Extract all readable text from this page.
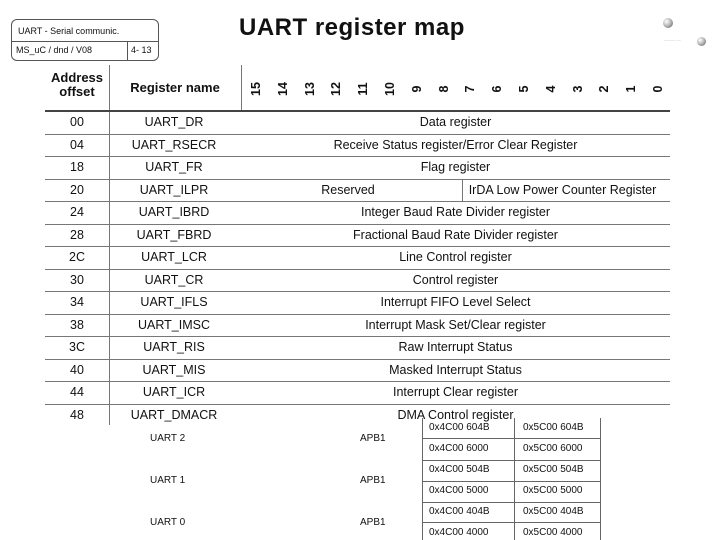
UART - Serial communic.
MS_uC / dnd / V08	4- 13
UART register map	.......... ....
Address
offset	Register name	15 14 13 12 11 10 9 8 7 6 5 4 3 2 1 0
00	UART_DR	Data register
04	UART_RSECR	Receive Status register/Error Clear Register
18	UART_FR	Flag register
20	UART_ILPR	Reserved	IrDA Low Power Counter Register
24	UART_IBRD	Integer Baud Rate Divider register
28	UART_FBRD	Fractional Baud Rate Divider register
2C	UART_LCR	Line Control register
30	UART_CR	Control register
34	UART_IFLS	Interrupt FIFO Level Select
38	UART_IMSC	Interrupt Mask Set/Clear register
3C	UART_RIS	Raw Interrupt Status
40	UART_MIS	Masked Interrupt Status
44	UART_ICR	Interrupt Clear register
48	UART_DMACR	DMA Control register
UART 2	APB1
0x4C00 604B	0x5C00 604B
0x4C00 6000	0x5C00 6000
UART 1	APB1
0x4C00 504B	0x5C00 504B
0x4C00 5000	0x5C00 5000
UART 0	APB1
0x4C00 404B	0x5C00 404B
0x4C00 4000	0x5C00 4000
